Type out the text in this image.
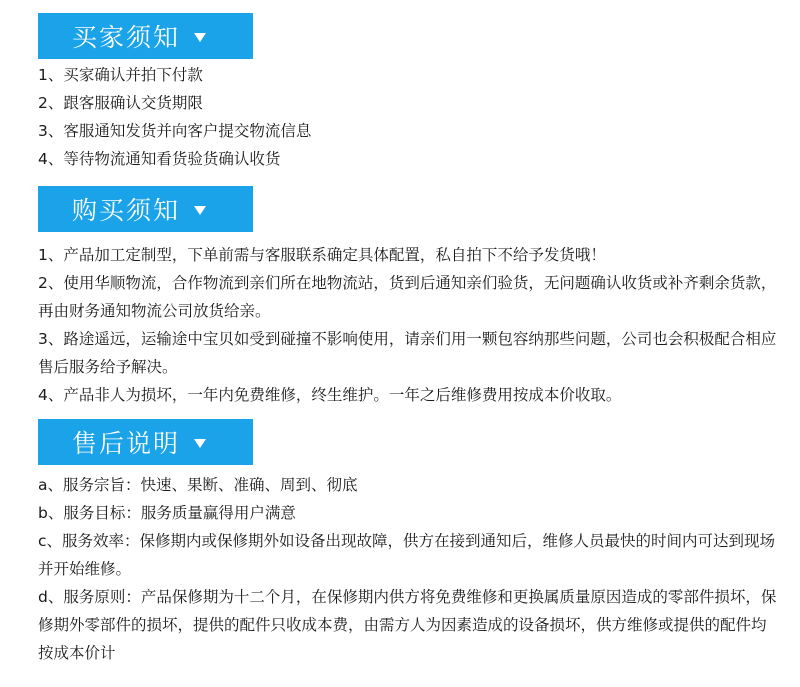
买家须知
1、买家确认并拍下付款
2、跟客服确认交货期限
3、客服通知发货并向客户提交物流信息
4、等待物流通知看货验货确认收货
购买须知

1、产品加工定制型，下单前需与客服联系确定具体配置，私自拍下不给予发货哦！

2、使用华顺物流，合作物流到亲们所在地物流站，货到后通知亲们验货，无问题确认收货或补齐剩余货款，再由财务通知物流公司放货给亲。

3、路途遥远，运输途中宝贝如受到碰撞不影响使用，请亲们用一颗包容纳那些问题，公司也会积极配合相应售后服务给予解决。

4、产品非人为损坏，一年内免费维修，终生维护。一年之后维修费用按成本价收取。

售后说明

a、服务宗旨：快速、果断、准确、周到、彻底

b、服务目标：服务质量赢得用户满意

c、服务效率：保修期内或保修期外如设备出现故障，供方在接到通知后，维修人员最快的时间内可达到现场并开始维修。

d、服务原则：产品保修期为十二个月，在保修期内供方将免费维修和更换属质量原因造成的零部件损坏，保修期外零部件的损坏，提供的配件只收成本费，由需方人为因素造成的设备损坏，供方维修或提供的配件均按成本价计
